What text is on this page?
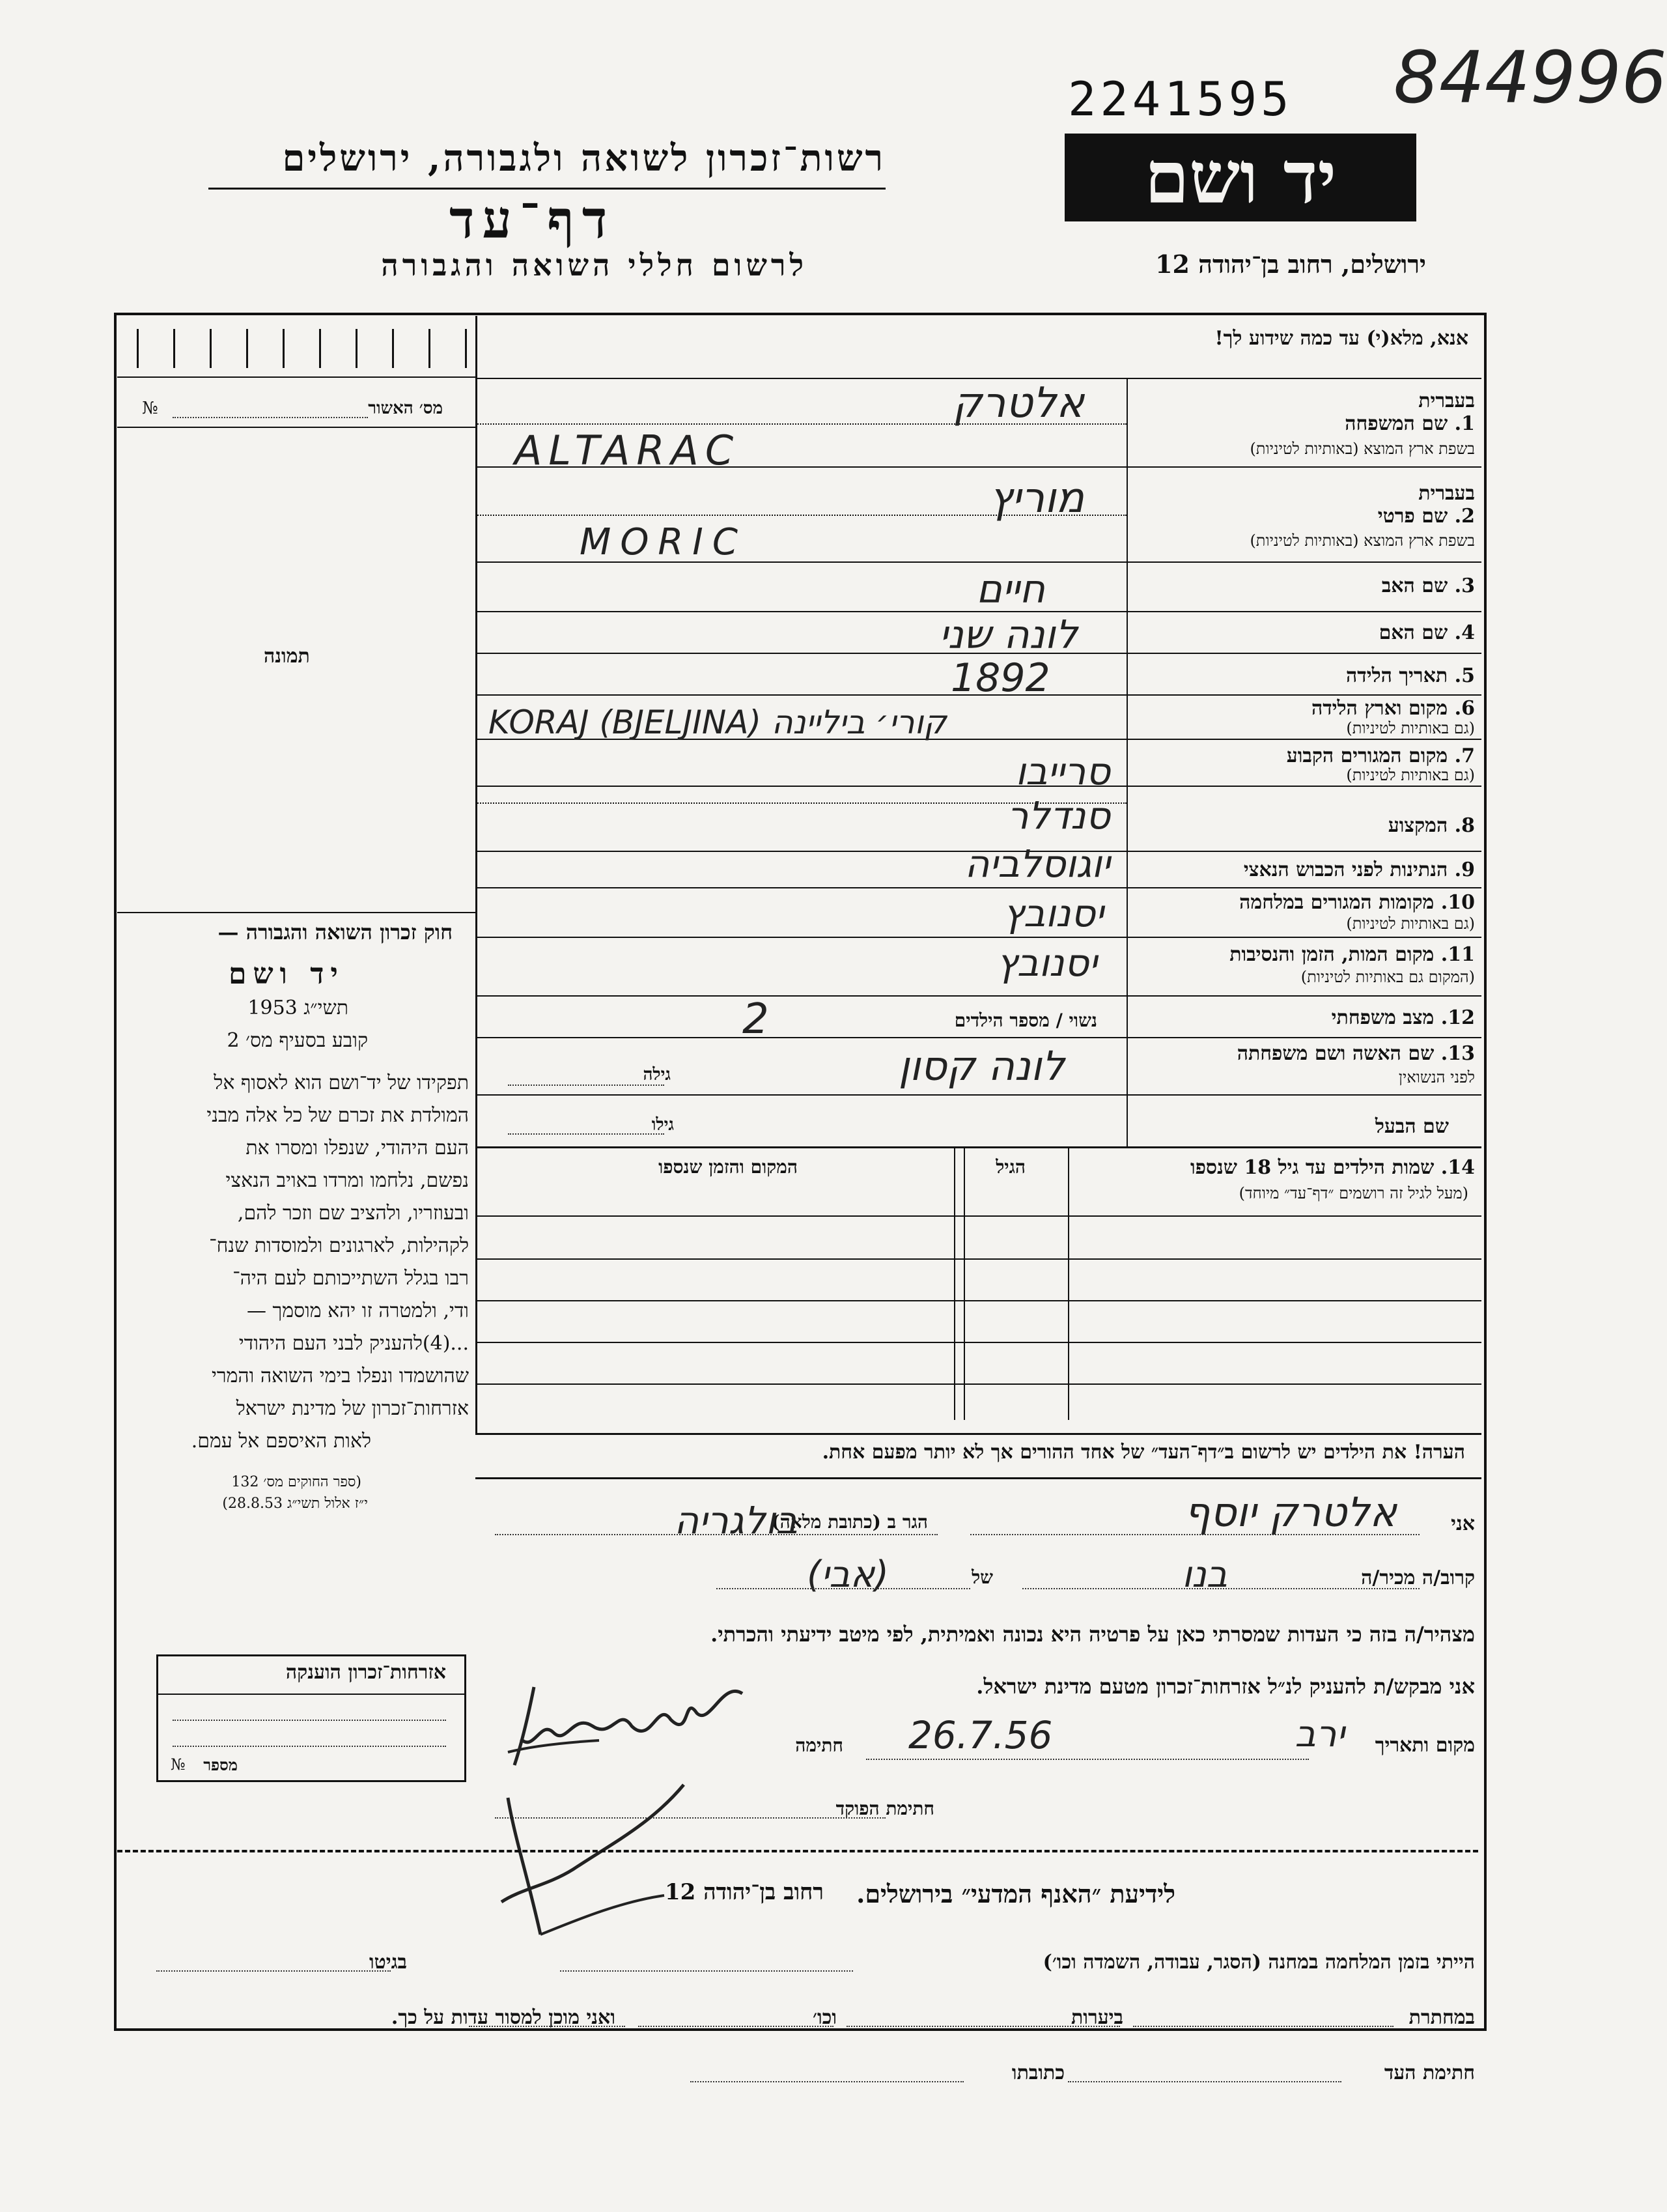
844996
2241595
רשות־זכרון לשואה ולגבורה, ירושלים
דף־עד
לרשום חללי השואה והגבורה
יד ושם
ירושלים, רחוב בן־יהודה 12
אנא, מלא(י) עד כמה שידוע לך!
מס׳ האשור
№
תמונה
חוק זכרון השואה והגבורה —
יד ושם
תשי״ג 1953
קובע בסעיף מס׳ 2
תפקידו של יד־ושם הוא לאסוף אל
המולדת את זכרם של כל אלה מבני
העם היהודי, שנפלו ומסרו את
נפשם, נלחמו ומרדו באויב הנאצי
ובעוזריו, ולהציב שם וזכר להם,
לקהילות, לארגונים ולמוסדות שנח־
רבו בגלל השתייכותם לעם היה־
ודי, ולמטרה זו יהא מוסמך —
...(4)להעניק לבני העם היהודי
שהושמדו ונפלו בימי השואה והמרי
אזרחות־זכרון של מדינת ישראל
לאות האיספם אל עמם.
(ספר החוקים מס׳ 132
י״ז אלול תשי״ג 28.8.53)
בעברית
1. שם המשפחה
בשפת ארץ המוצא (באותיות לטיניות)
בעברית
2. שם פרטי
בשפת ארץ המוצא (באותיות לטיניות)
3. שם האב
4. שם האם
5. תאריך הלידה
6. מקום וארץ הלידה
(גם באותיות לטיניות)
7. מקום המגורים הקבוע
(גם באותיות לטיניות)
8. המקצוע
9. הנתינות לפני הכבוש הנאצי
10. מקומות המגורים במלחמה
(גם באותיות לטיניות)
11. מקום המות, הזמן והנסיבות
(המקום גם באותיות לטיניות)
12. מצב משפחתי
13. שם האשה ושם משפחתה
לפני הנשואין
שם הבעל
אלטרק
ALTARAC
מוריץ
MORIC
חיים
לונה שני
1892
KORAJ (BJELJINA) קורי׳ ביליינה
סרייבו
סנדלר
יוגוסלביה
יסנובץ
יסנובץ
נשוי / מספר הילדים
2
לונה קסון
גילה
גילו
14. שמות הילדים עד גיל 18 שנספו
(מעל לגיל זה רושמים ״דף־עד״ מיוחד)
הגיל
המקום והזמן שנספו
הערה! את הילדים יש לרשום ב״דף־העד״ של אחד ההורים אך לא יותר מפעם אחת.
אני
אלטרק יוסף
הגר ב (כתובת מלאה)
בולגריה
קרוב/ה מכיר/ה
בנו
של
(אבי)
מצהיר/ה בזה כי העדות שמסרתי כאן על פרטיה היא נכונה ואמיתית, לפי מיטב ידיעתי והכרתי.
אני מבקש/ת להעניק לנ״ל אזרחות־זכרון מטעם מדינת ישראל.
מקום ותאריך
ירב
26.7.56
חתימה
חתימת הפוקד
אזרחות־זכרון הוענקה
№ מספר
לידיעת ״האנף המדעי״ בירושלים.
רחוב בן־יהודה 12
הייתי בזמן המלחמה במחנה (הסגר, עבודה, השמדה וכו׳)
בגיטו
במחתרת
ביערות
וכו׳
ואני מוכן למסור עדות על כך.
חתימת העד
כתובתו
